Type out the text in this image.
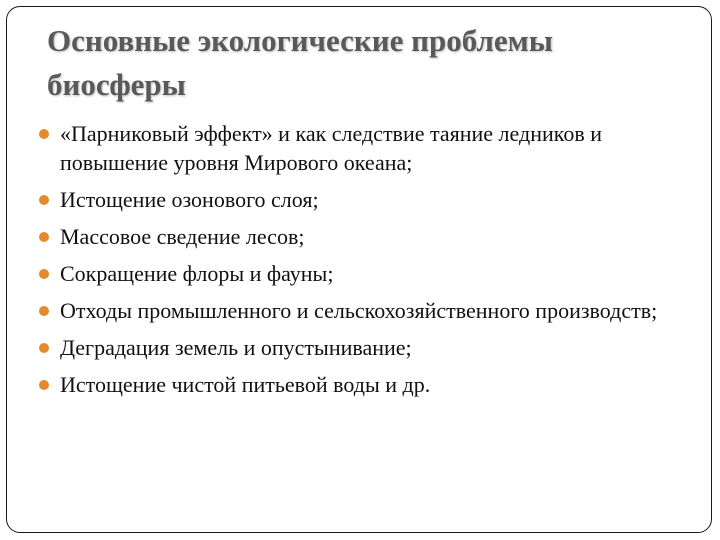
Основные экологические проблемы
биосферы
«Парниковый эффект» и как следствие таяние ледников и повышение уровня Мирового океана;
Истощение озонового слоя;
Массовое сведение лесов;
Сокращение флоры и фауны;
Отходы промышленного и сельскохозяйственного производств;
Деградация земель и опустынивание;
Истощение чистой питьевой воды и др.
